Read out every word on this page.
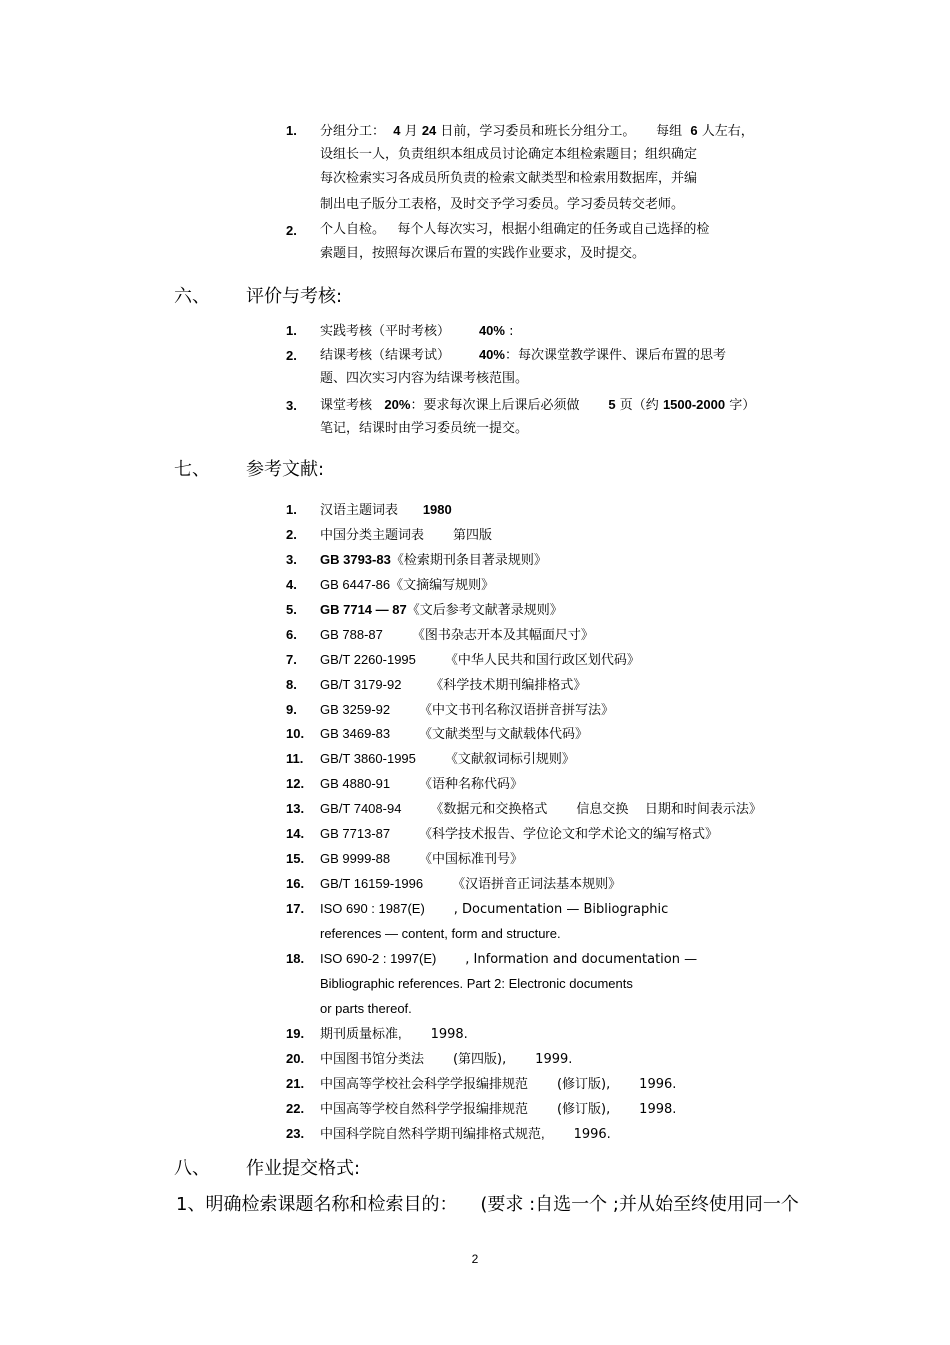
1. 分组分工： 4 月 24 日前，学习委员和班长分组分工。 每组 6 人左右，
设组长一人，负责组织本组成员讨论确定本组检索题目；组织确定
每次检索实习各成员所负责的检索文献类型和检索用数据库，并编
制出电子版分工表格，及时交予学习委员。学习委员转交老师。
2. 个人自检。 每个人每次实习，根据小组确定的任务或自己选择的检
索题目，按照每次课后布置的实践作业要求，及时提交。
六、 评价与考核:
1. 实践考核（平时考核） 40% :
2. 结课考核（结课考试） 40%：每次课堂教学课件、课后布置的思考
题、四次实习内容为结课考核范围。
3. 课堂考核 20%：要求每次课上后课后必须做 5 页（约 1500-2000 字）
笔记，结课时由学习委员统一提交。
七、 参考文献:
1. 汉语主题词表 1980
2. 中国分类主题词表 第四版
3. GB 3793-83《检索期刊条目著录规则》
4. GB 6447-86《文摘编写规则》
5. GB 7714 — 87《文后参考文献著录规则》
6. GB 788-87 《图书杂志开本及其幅面尺寸》
7. GB/T 2260-1995 《中华人民共和国行政区划代码》
8. GB/T 3179-92 《科学技术期刊编排格式》
9. GB 3259-92 《中文书刊名称汉语拼音拼写法》
10. GB 3469-83 《文献类型与文献载体代码》
11. GB/T 3860-1995 《文献叙词标引规则》
12. GB 4880-91 《语种名称代码》
13. GB/T 7408-94 《数据元和交换格式 信息交换 日期和时间表示法》
14. GB 7713-87 《科学技术报告、学位论文和学术论文的编写格式》
15. GB 9999-88 《中国标准刊号》
16. GB/T 16159-1996 《汉语拼音正词法基本规则》
17. ISO 690 : 1987(E) , Documentation — Bibliographic
references — content, form and structure.
18. ISO 690-2 : 1997(E) , Information and documentation —
Bibliographic references. Part 2: Electronic documents
or parts thereof.
19. 期刊质量标准, 1998.
20. 中国图书馆分类法 (第四版), 1999.
21. 中国高等学校社会科学学报编排规范 (修订版), 1996.
22. 中国高等学校自然科学学报编排规范 (修订版), 1998.
23. 中国科学院自然科学期刊编排格式规范, 1996.
八、 作业提交格式:
1、明确检索课题名称和检索目的： (要求 :自选一个 ;并从始至终使用同一个
2
